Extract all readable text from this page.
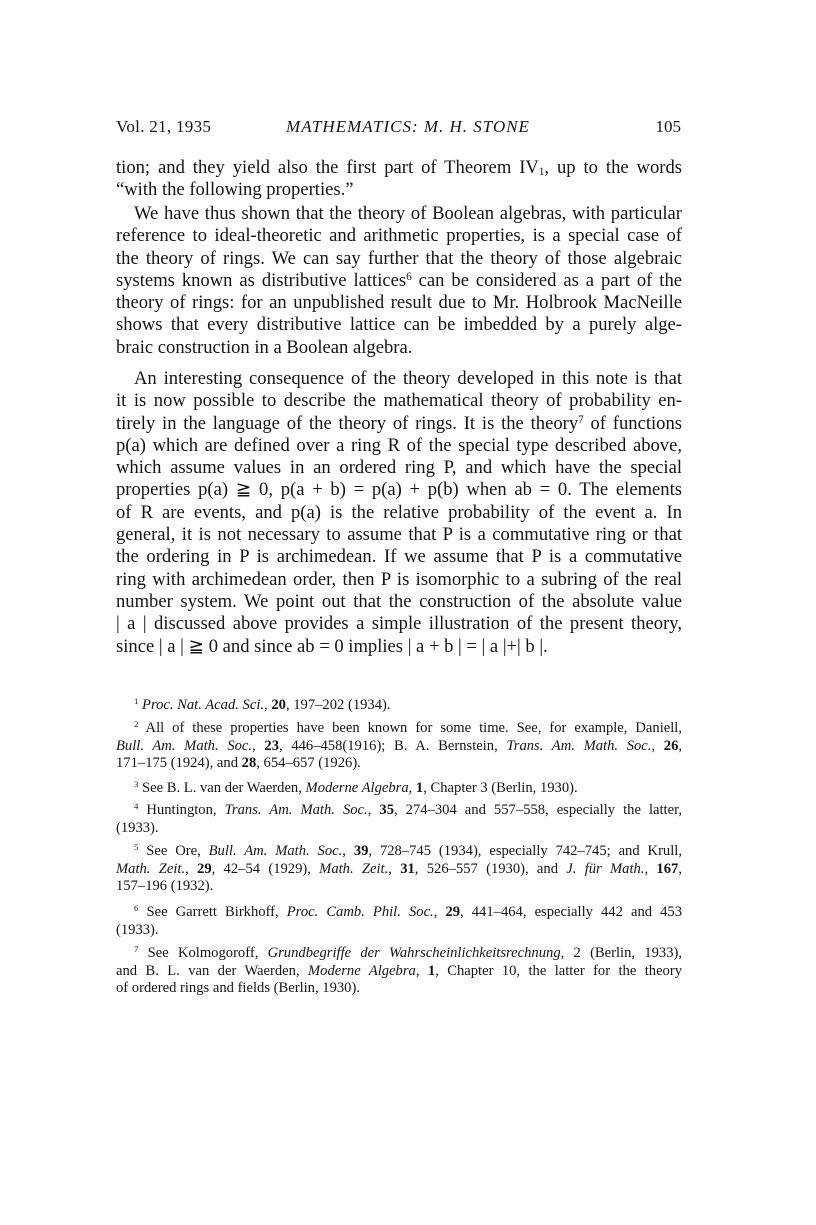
Vol. 21, 1935	MATHEMATICS: M. H. STONE	105

tion; and they yield also the first part of Theorem $IV_1$, up to the words
“with the following properties.”

We have thus shown that the theory of Boolean algebras, with particular
reference to ideal-theoretic and arithmetic properties, is a special case of
the theory of rings. We can say further that the theory of those algebraic
systems known as distributive lattices$^6$ can be considered as a part of the
theory of rings: for an unpublished result due to Mr. Holbrook MacNeille
shows that every distributive lattice can be imbedded by a purely alge-
braic construction in a Boolean algebra.

An interesting consequence of the theory developed in this note is that
it is now possible to describe the mathematical theory of probability en-
tirely in the language of the theory of rings. It is the theory$^7$ of functions
p(a) which are defined over a ring R of the special type described above,
which assume values in an ordered ring P, and which have the special
properties p(a) ≧ 0, p(a + b) = p(a) + p(b) when ab = 0. The elements
of R are events, and p(a) is the relative probability of the event a. In
general, it is not necessary to assume that P is a commutative ring or that
the ordering in P is archimedean. If we assume that P is a commutative
ring with archimedean order, then P is isomorphic to a subring of the real
number system. We point out that the construction of the absolute value
| a | discussed above provides a simple illustration of the present theory,
since | a | ≧ 0 and since ab = 0 implies | a + b | = | a |+| b |.

$^1$ Proc. Nat. Acad. Sci., 20, 197–202 (1934).

$^2$ All of these properties have been known for some time. See, for example, Daniell,
Bull. Am. Math. Soc., 23, 446–458(1916); B. A. Bernstein, Trans. Am. Math. Soc., 26,
171–175 (1924), and 28, 654–657 (1926).

$^3$ See B. L. van der Waerden, Moderne Algebra, 1, Chapter 3 (Berlin, 1930).

$^4$ Huntington, Trans. Am. Math. Soc., 35, 274–304 and 557–558, especially the latter,
(1933).

$^5$ See Ore, Bull. Am. Math. Soc., 39, 728–745 (1934), especially 742–745; and Krull,
Math. Zeit., 29, 42–54 (1929), Math. Zeit., 31, 526–557 (1930), and J. für Math., 167,
157–196 (1932).

$^6$ See Garrett Birkhoff, Proc. Camb. Phil. Soc., 29, 441–464, especially 442 and 453
(1933).

$^7$ See Kolmogoroff, Grundbegriffe der Wahrscheinlichkeitsrechnung, 2 (Berlin, 1933),
and B. L. van der Waerden, Moderne Algebra, 1, Chapter 10, the latter for the theory
of ordered rings and fields (Berlin, 1930).
